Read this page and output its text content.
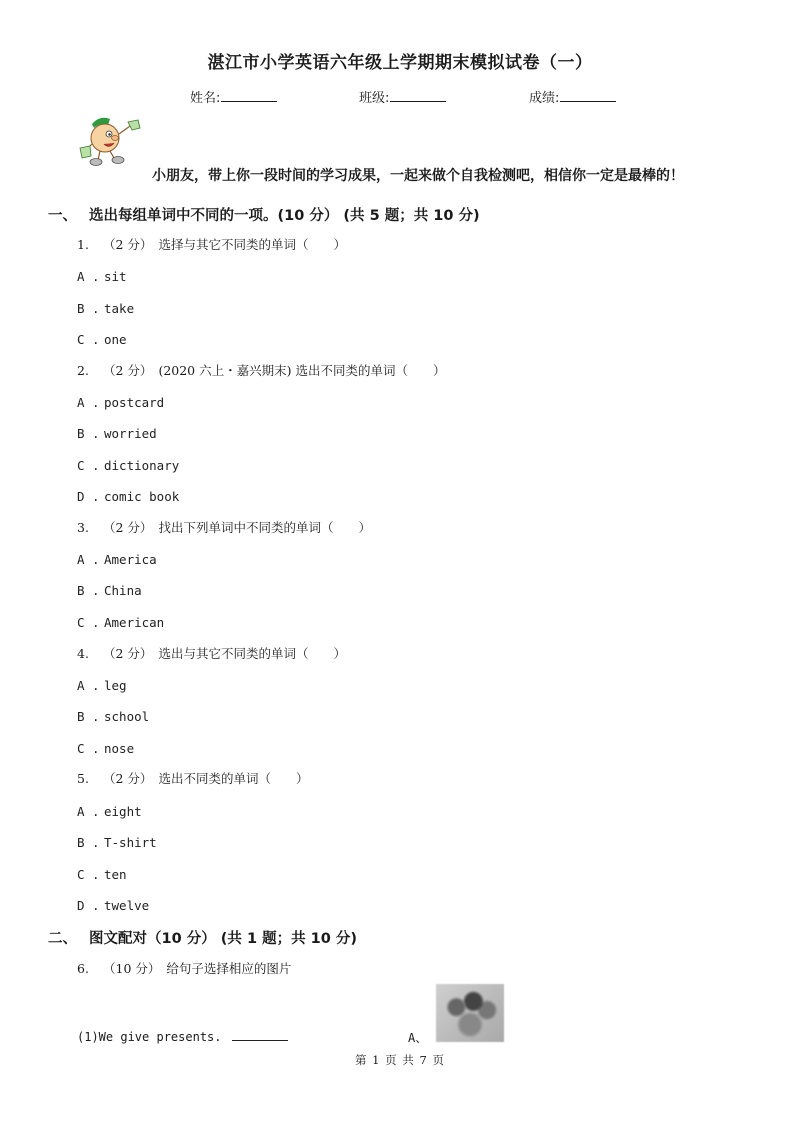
湛江市小学英语六年级上学期期末模拟试卷（一）
姓名:	班级:	成绩:
小朋友，带上你一段时间的学习成果，一起来做个自我检测吧，相信你一定是最棒的！
一、 选出每组单词中不同的一项。(10 分） (共 5 题；共 10 分)
1. （2 分） 选择与其它不同类的单词（　　）
A . sit
B . take
C . one
2. （2 分） (2020 六上・嘉兴期末) 选出不同类的单词（　　）
A . postcard
B . worried
C . dictionary
D . comic book
3. （2 分） 找出下列单词中不同类的单词（　　）
A . America
B . China
C . American
4. （2 分） 选出与其它不同类的单词（　　）
A . leg
B . school
C . nose
5. （2 分） 选出不同类的单词（　　）
A . eight
B . T-shirt
C . ten
D . twelve
二、 图文配对（10 分） (共 1 题；共 10 分)
6. （10 分） 给句子选择相应的图片
(1)We give presents.	A、
第 1 页 共 7 页
